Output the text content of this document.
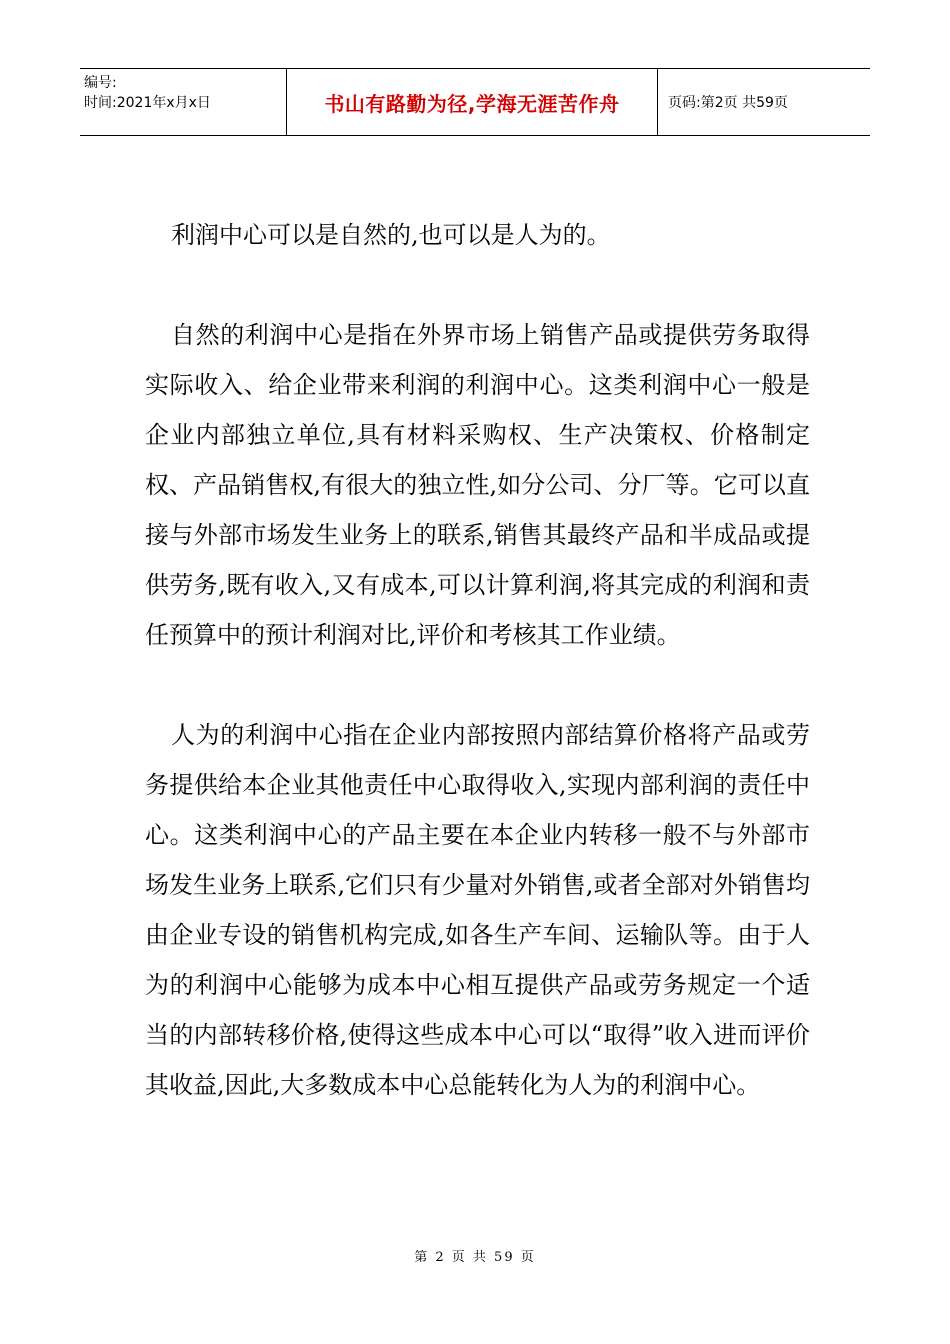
编号:
时间:2021年x月x日	书山有路勤为径,学海无涯苦作舟	页码:第2页 共59页

利润中心可以是自然的,也可以是人为的。

自然的利润中心是指在外界市场上销售产品或提供劳务取得实际收入、给企业带来利润的利润中心。这类利润中心一般是企业内部独立单位,具有材料采购权、生产决策权、价格制定权、产品销售权,有很大的独立性,如分公司、分厂等。它可以直接与外部市场发生业务上的联系,销售其最终产品和半成品或提供劳务,既有收入,又有成本,可以计算利润,将其完成的利润和责任预算中的预计利润对比,评价和考核其工作业绩。

人为的利润中心指在企业内部按照内部结算价格将产品或劳务提供给本企业其他责任中心取得收入,实现内部利润的责任中心。这类利润中心的产品主要在本企业内转移一般不与外部市场发生业务上联系,它们只有少量对外销售,或者全部对外销售均由企业专设的销售机构完成,如各生产车间、运输队等。由于人为的利润中心能够为成本中心相互提供产品或劳务规定一个适当的内部转移价格,使得这些成本中心可以“取得”收入进而评价其收益,因此,大多数成本中心总能转化为人为的利润中心。

第 2 页 共 59 页
